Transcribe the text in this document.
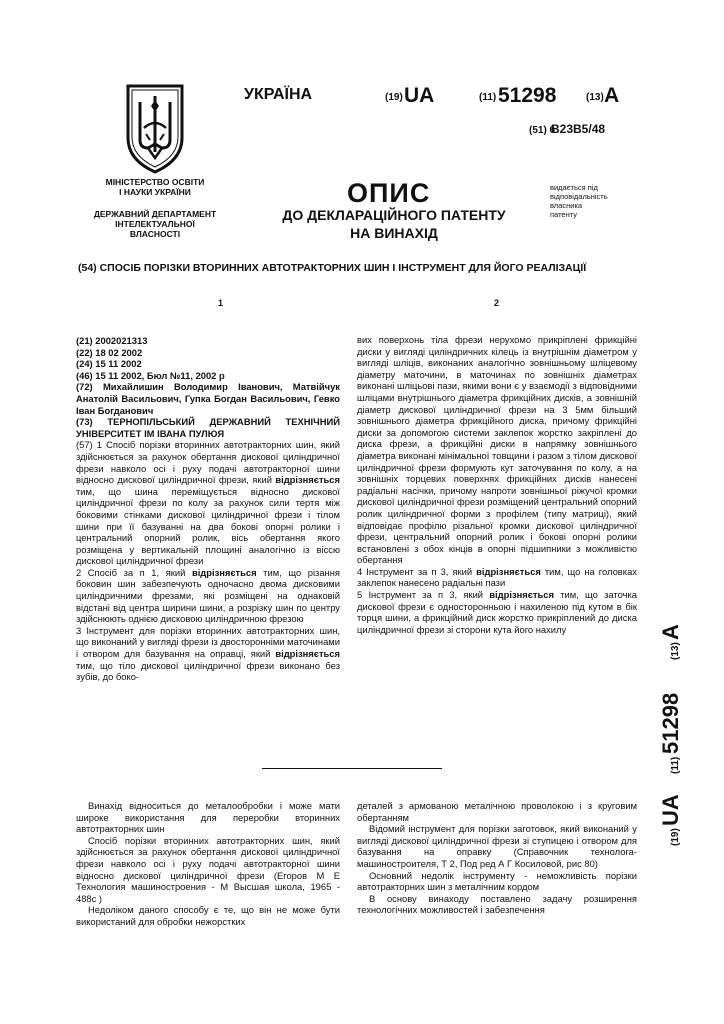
МІНІСТЕРСТВО ОСВІТИ
І НАУКИ УКРАЇНИ
ДЕРЖАВНИЙ ДЕПАРТАМЕНТ
ІНТЕЛЕКТУАЛЬНОЇ
ВЛАСНОСТІ
УКРАЇНА	(19) UA	(11) 51298	(13) A
(51) 6
B23B5/48
ОПИС
ДО ДЕКЛАРАЦІЙНОГО ПАТЕНТУ
НА ВИНАХІД
видається під
відповідальність
власника
патенту
(54) СПОСІБ ПОРІЗКИ ВТОРИННИХ АВТОТРАКТОРНИХ ШИН І ІНСТРУМЕНТ ДЛЯ ЙОГО РЕАЛІЗАЦІЇ
1	2

(21) 2002021313

(22) 18 02 2002

(24) 15 11 2002

(46) 15 11 2002, Бюл №11, 2002 р

(72) Михайлишин Володимир Іванович, Матвійчук Анатолій Васильович, Гупка Богдан Васильович, Гевко Іван Богданович

(73) ТЕРНОПІЛЬСЬКИЙ ДЕРЖАВНИЙ ТЕХНІЧНИЙ УНІВЕРСИТЕТ ІМ ІВАНА ПУЛЮЯ

(57) 1 Спосіб порізки вторинних автотракторних шин, який здійснюється за рахунок обертання дискової циліндричної фрези навколо осі і руху подачі автотракторної шини відносно дискової циліндричної фрези, який відрізняється тим, що шина переміщується відносно дискової циліндричної фрези по колу за рахунок сили тертя між боковими стінками дискової циліндричної фрези і тілом шини при її базуванні на два бокові опорні ролики і центральний опорний ролик, вісь обертання якого розміщена у вертикальній площині аналогічно із віссю дискової циліндричної фрези

2 Спосіб за п 1, який відрізняється тим, що різання боковин шин забезпечують одночасно двома дисковими циліндричними фрезами, які розміщені на однаковій відстані від центра ширини шини, а розрізку шин по центру здійснюють однією дисковою циліндричною фрезою

3 Інструмент для порізки вторинних автотракторних шин, що виконаний у вигляді фрези із двосторонніми маточинами і отвором для базування на оправці, який відрізняється тим, що тіло дискової циліндричної фрези виконано без зубів, до боко-

вих поверхонь тіла фрези нерухомо прикріплені фрикційні диски у вигляді циліндричних кілець із внутрішнім діаметром у вигляді шліців, виконаних аналогічно зовнішньому шліцевому діаметру маточини, в маточинах по зовнішніх діаметрах виконані шліцьові пази, якими вони є у взаємодії з відповідними шліцами внутрішнього діаметра фрикційних дисків, а зовнішній діаметр дискової циліндричної фрези на 3 5мм більший зовнішнього діаметра фрикційного диска, причому фрикційні диски за допомогою системи заклепок жорстко закріплені до диска фрези, а фрикційні диски в напрямку зовнішнього діаметра виконані мінімальної товщини і разом з тілом дискової циліндричної фрези формують кут заточування по колу, а на зовнішніх торцевих поверхнях фрикційних дисків нанесені радіальні насічки, причому напроти зовнішньої ріжучої кромки дискової циліндричної фрези розміщений центральний опорний ролик циліндричної форми з профілем (типу матриці), який відповідає профілю різальної кромки дискової циліндричної фрези, центральний опорний ролик і бокові опорні ролики встановлені з обох кінців в опорні підшипники з можливістю обертання

4 Інструмент за п 3, який відрізняється тим, що на головках заклепок нанесено радіальні пази

5 Інструмент за п 3, який відрізняється тим, що заточка дискової фрези є односторонньою і нахиленою під кутом в бік торця шини, а фрикційний диск жорстко прикріплений до диска циліндричної фрези зі сторони кута його нахилу

Винахід відноситься до металообробки і може мати широке використання для переробки вторинних автотракторних шин

Спосіб порізки вторинних автотракторних шин, який здійснюється за рахунок обертання дискової циліндричної фрези навколо осі і руху подачі автотракторної шини відносно дискової циліндричної фрези (Егоров М Е Технология машиностроения - М Высшая школа, 1965 - 488с )

Недоліком даного способу є те, що він не може бути використаний для обробки нежорстких

деталей з армованою металічною проволокою і з круговим обертанням

Відомий інструмент для порізки заготовок, який виконаний у вигляді дискової циліндричної фрези зі ступицею і отвором для базування на оправку (Справочник технолога-машиностроителя, Т 2, Под ред А Г Косиловой, рис 80)

Основний недолік інструменту - неможливість порізки автотракторних шин з металічним кордом

В основу винаходу поставлено задачу розширення технологічних можливостей і забезпечення

(19)
UA
(11)
51298
(13)
A
